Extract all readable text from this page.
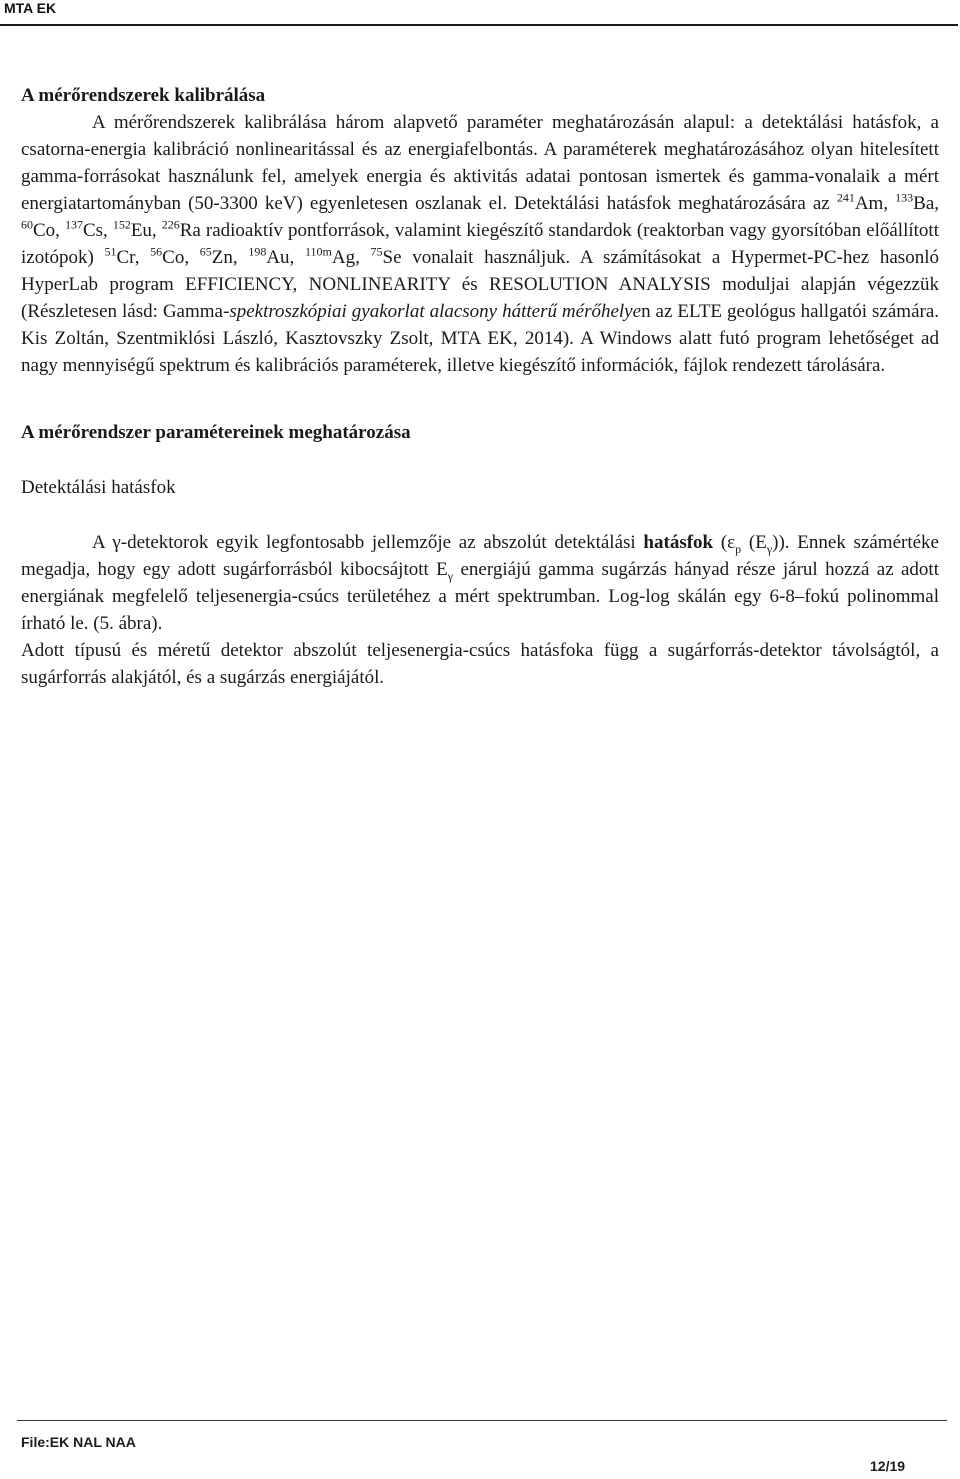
MTA EK

A mérőrendszerek kalibrálása

A mérőrendszerek kalibrálása három alapvető paraméter meghatározásán alapul: a detektálási hatásfok, a csatorna-energia kalibráció nonlinearitással és az energiafelbontás. A paraméterek meghatározásához olyan hitelesített gamma-forrásokat használunk fel, amelyek energia és aktivitás adatai pontosan ismertek és gamma-vonalaik a mért energiatartományban (50-3300 keV) egyenletesen oszlanak el. Detektálási hatásfok meghatározására az $^{241}$Am, $^{133}$Ba, $^{60}$Co, $^{137}$Cs, $^{152}$Eu, $^{226}$Ra radioaktív pontforrások, valamint kiegészítő standardok (reaktorban vagy gyorsítóban előállított izotópok) $^{51}$Cr, $^{56}$Co, $^{65}$Zn, $^{198}$Au, $^{110m}$Ag, $^{75}$Se vonalait használjuk. A számításokat a Hypermet-PC-hez hasonló HyperLab program EFFICIENCY, NONLINEARITY és RESOLUTION ANALYSIS moduljai alapján végezzük (Részletesen lásd: Gamma-spektroszkópiai gyakorlat alacsony hátterű mérőhelyen az ELTE geológus hallgatói számára. Kis Zoltán, Szentmiklósi László, Kasztovszky Zsolt, MTA EK, 2014). A Windows alatt futó program lehetőséget ad nagy mennyiségű spektrum és kalibrációs paraméterek, illetve kiegészítő információk, fájlok rendezett tárolására.

A mérőrendszer paramétereinek meghatározása

Detektálási hatásfok

A γ-detektorok egyik legfontosabb jellemzője az abszolút detektálási hatásfok ($\varepsilon_p$ $(E_\gamma)$). Ennek számértéke megadja, hogy egy adott sugárforrásból kibocsájtott $E_\gamma$ energiájú gamma sugárzás hányad része járul hozzá az adott energiának megfelelő teljesenergia-csúcs területéhez a mért spektrumban. Log-log skálán egy 6-8–fokú polinommal írható le. (5. ábra).

Adott típusú és méretű detektor abszolút teljesenergia-csúcs hatásfoka függ a sugárforrás-detektor távolságtól, a sugárforrás alakjától, és a sugárzás energiájától.

File:EK NAL NAA
12/19
